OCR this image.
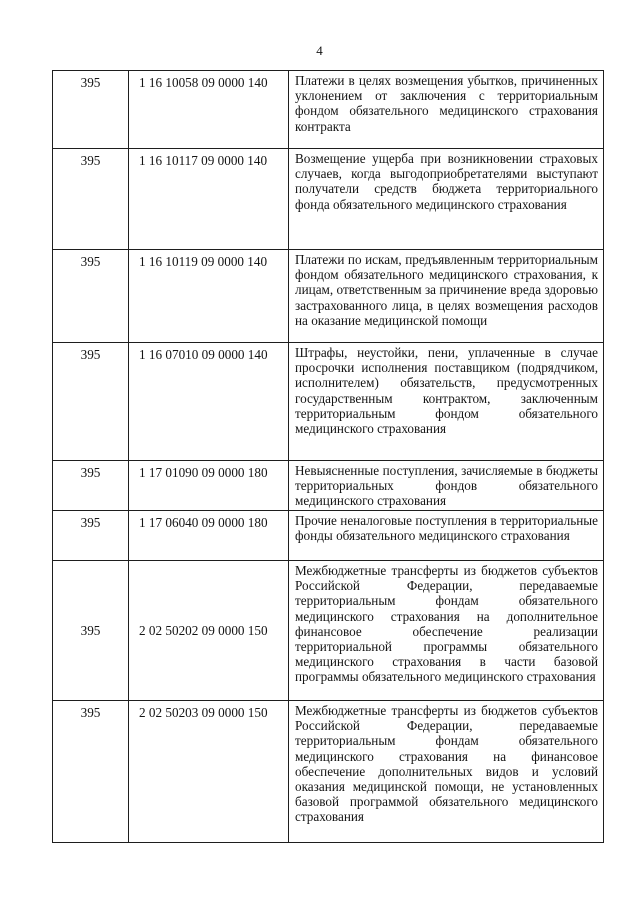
4
395	1 16 10058 09 0000 140	Платежи в целях возмещения убытков, причиненных уклонением от заключения с территориальным фондом обязательного медицинского страхования контракта
395	1 16 10117 09 0000 140	Возмещение ущерба при возникновении страховых случаев, когда выгодоприобретателями выступают получатели средств бюджета территориального фонда обязательного медицинского страхования
395	1 16 10119 09 0000 140	Платежи по искам, предъявленным территориальным фондом обязательного медицинского страхования, к лицам, ответственным за причинение вреда здоровью застрахованного лица, в целях возмещения расходов на оказание медицинской помощи
395	1 16 07010 09 0000 140	Штрафы, неустойки, пени, уплаченные в случае просрочки исполнения поставщиком (подрядчиком, исполнителем) обязательств, предусмотренных государственным контрактом, заключенным территориальным фондом обязательного медицинского страхования
395	1 17 01090 09 0000 180	Невыясненные поступления, зачисляемые в бюджеты территориальных фондов обязательного медицинского страхования
395	1 17 06040 09 0000 180	Прочие неналоговые поступления в территориальные фонды обязательного медицинского страхования
395	2 02 50202 09 0000 150	Межбюджетные трансферты из бюджетов субъектов Российской Федерации, передаваемые территориальным фондам обязательного медицинского страхования на дополнительное финансовое обеспечение реализации территориальной программы обязательного медицинского страхования в части базовой программы обязательного медицинского страхования
395	2 02 50203 09 0000 150	Межбюджетные трансферты из бюджетов субъектов Российской Федерации, передаваемые территориальным фондам обязательного медицинского страхования на финансовое обеспечение дополнительных видов и условий оказания медицинской помощи, не установленных базовой программой обязательного медицинского страхования
